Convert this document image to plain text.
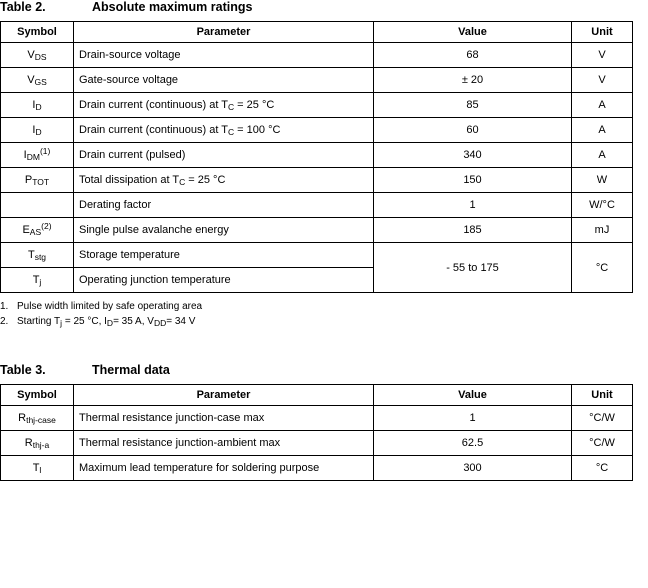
Table 2.	Absolute maximum ratings
Symbol	Parameter	Value	Unit
$V_{DS}$	Drain-source voltage	68	V
$V_{GS}$	Gate-source voltage	± 20	V
$I_D$	Drain current (continuous) at $T_C = 25$ °C	85	A
$I_D$	Drain current (continuous) at $T_C = 100$ °C	60	A
$I_{DM}^{(1)}$	Drain current (pulsed)	340	A
$P_{TOT}$	Total dissipation at $T_C = 25$ °C	150	W
	Derating factor	1	W/°C
$E_{AS}^{(2)}$	Single pulse avalanche energy	185	mJ
$T_{stg}$	Storage temperature	- 55 to 175	°C
$T_j$	Operating junction temperature		
1. Pulse width limited by safe operating area
2. Starting $T_j = 25$ °C, $I_D= 35$ A, $V_{DD}= 34$ V
Table 3.	Thermal data
Symbol	Parameter	Value	Unit
$R_{thj-case}$	Thermal resistance junction-case max	1	°C/W
$R_{thj-a}$	Thermal resistance junction-ambient max	62.5	°C/W
$T_l$	Maximum lead temperature for soldering purpose	300	°C
